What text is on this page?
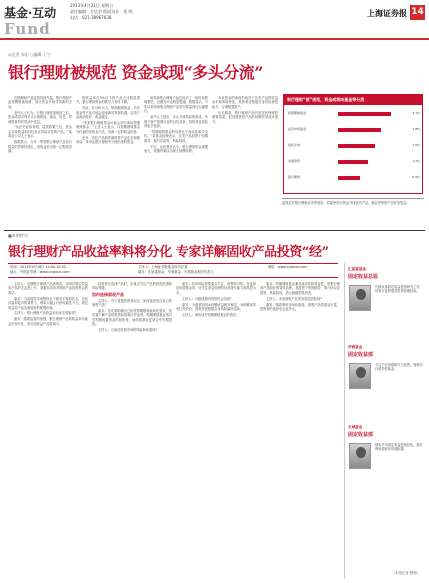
基金·互动
Fund
2013年4月21日 星期日
责任编辑：方信会 版面设计：张 明
电话：021-38967638	上海证券报 14
◎记者 周宏 ○编辑 丁宁
银行理财被规范 资金或现“多头分流”

近期理财产品监管持续升温，银行理财产品规模增速放缓，部分资金开始寻找新的去处。

业内人士认为，在银行理财被规范之后，资金或将出现多头分流格局，基金、信托、券商资管均有望从中受益。

“从历史经验来看，监管收紧之后，资金会寻找收益相对较高且风险可控的产品。”某基金公司人士表示。

数据显示，今年一季度银行理财产品发行数量仍然保持高位，但收益率出现一定程度回落。

的收益率在3%以下的产品占比明显提升，银行理财资金的吸引力有所下降。

对此，有分析认为，短期理财基金、货币基金等产品可能会迎来新的发展机遇，这类产品流动性好、收益稳定。

“未来银行理财资金可能会部分流向短期理财基金。”上述人士表示，以短期理财基金为代表的类现金产品，具备一定的收益优势。

此外，信托产品和券商资管产品也在积极布局，争夺从银行理财中分流出来的资金。

而券商集合理财产品在经历了一段时间的调整后，近期发行也明显提速。数据显示，今年以来券商集合理财产品发行数量同比大幅增长。

业内人士指出，多头分流格局的形成，有利于资产管理行业的良性竞争，投资者也将获得更多选择。

“短期理财基金的优势在于流动性和安全性。”某基金经理表示，这类产品投资于短期债券、银行存款等，风险较低。

不过，也有观点认为，银行理财资金规模庞大，短期内难以出现大规模转移。

未来资金的流向仍取决于各类产品的收益水平和风险特征，投资者应根据自身风险承受能力，合理配置资产。

从长期看，银行理财产品仍是居民理财的重要渠道，但其他资管产品的份额有望逐步提升。

银行理财“被”规范，资金或将向基金等分流
短期理财基金	2.1%
货币市场基金	1.8%
信托计划	1.5%
券商资管	1.2%
银行理财	0.9%
监管层对银行理财业务的规范，将促使部分资金寻找替代产品，基金等资管产品有望受益。
■本期特刊
银行理财产品收益率料将分化 专家详解固收产品投资“经”
时间：2013年4月18日 14:00-15:30
地点：中国证券网（www.cnstock.com）
主持人：上海证券报基金周刊记者
嘉宾：汇添富基金、华商基金、长城基金相关负责人
网址：www.cnstock.com

主持人：近期银行理财产品被规范，市场对固定收益类产品的关注度上升。请嘉宾谈谈对固收产品投资机会的看法。

嘉宾：当前债券市场整体处于相对平稳的状态，在经济温和复苏的背景下，利率大幅上行的可能性不大，固定收益类产品具备较好的配置价值。

主持人：银行理财产品收益率未来走势如何？

嘉宾：随着监管的加强，银行理财产品的收益率可能会出现分化，部分高收益产品将减少。

投资者在选择产品时，应重点关注产品的投资范围和风险等级。

如何选择固收产品

主持人：对于普通投资者而言，如何选择适合自己的固收产品？

嘉宾：首先要明确自己的投资期限和流动性需求，其次要了解产品的投资标的和历史业绩。短期理财基金适合有短期闲置资金的投资者，而纯债基金更适合中长期投资。

主持人：当前信用债市场的风险如何看待？

嘉宾：信用风险需要重点关注，但整体可控。在选择信用债基金时，应关注基金经理的信用研究能力和风控水平。

主持人：分级债基的投资机会如何？

嘉宾：分级债基的A份额收益相对稳定，B份额则具有杠杆效应，投资者需根据自身风险偏好选择。

主持人：请谈谈对短期理财基金的看法。

嘉宾：短期理财基金兼具流动性和收益性，是银行理财产品较好的替代品种。其投资于短期债券、银行协议存款等，风险较低，适合稳健型投资者。

主持人：未来固收产品的发展趋势如何？

嘉宾：随着利率市场化推进，固收产品将更加丰富，投资者的选择也会更多元。

汇添富基金
固定收益总监
长期从事固定收益投资研究工作，具有丰富的债券投资管理经验。
华商基金
固定收益部
专注于信用债研究与投资，管理多只债券型基金。
长城基金
固定收益部
拥有多年固定收益投资经验，擅长利率债和信用债配置。
（本报记者 整理）
